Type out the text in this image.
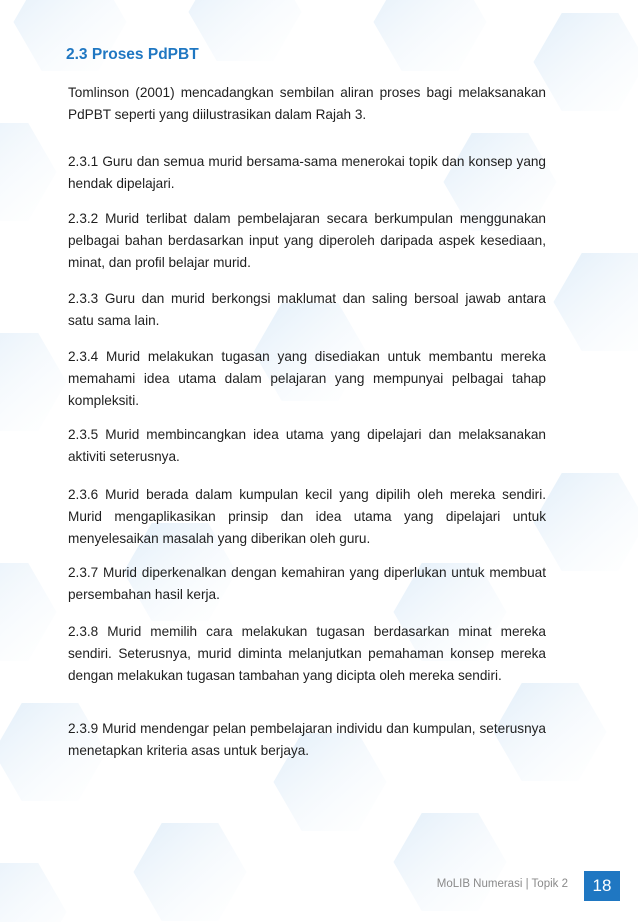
2.3 Proses PdPBT

Tomlinson (2001) mencadangkan sembilan aliran proses bagi melaksanakan PdPBT seperti yang diilustrasikan dalam Rajah 3.

2.3.1 Guru dan semua murid bersama-sama menerokai topik dan konsep yang hendak dipelajari.

2.3.2 Murid terlibat dalam pembelajaran secara berkumpulan menggunakan pelbagai bahan berdasarkan input yang diperoleh daripada aspek kesediaan, minat, dan profil belajar murid.

2.3.3 Guru dan murid berkongsi maklumat dan saling bersoal jawab antara satu sama lain.

2.3.4 Murid melakukan tugasan yang disediakan untuk membantu mereka memahami idea utama dalam pelajaran yang mempunyai pelbagai tahap kompleksiti.

2.3.5 Murid membincangkan idea utama yang dipelajari dan melaksanakan aktiviti seterusnya.

2.3.6 Murid berada dalam kumpulan kecil yang dipilih oleh mereka sendiri. Murid mengaplikasikan prinsip dan idea utama yang dipelajari untuk menyelesaikan masalah yang diberikan oleh guru.

2.3.7 Murid diperkenalkan dengan kemahiran yang diperlukan untuk membuat persembahan hasil kerja.

2.3.8 Murid memilih cara melakukan tugasan berdasarkan minat mereka sendiri. Seterusnya, murid diminta melanjutkan pemahaman konsep mereka dengan melakukan tugasan tambahan yang dicipta oleh mereka sendiri.

2.3.9 Murid mendengar pelan pembelajaran individu dan kumpulan, seterusnya menetapkan kriteria asas untuk berjaya.

MoLIB Numerasi | Topik 2	18
